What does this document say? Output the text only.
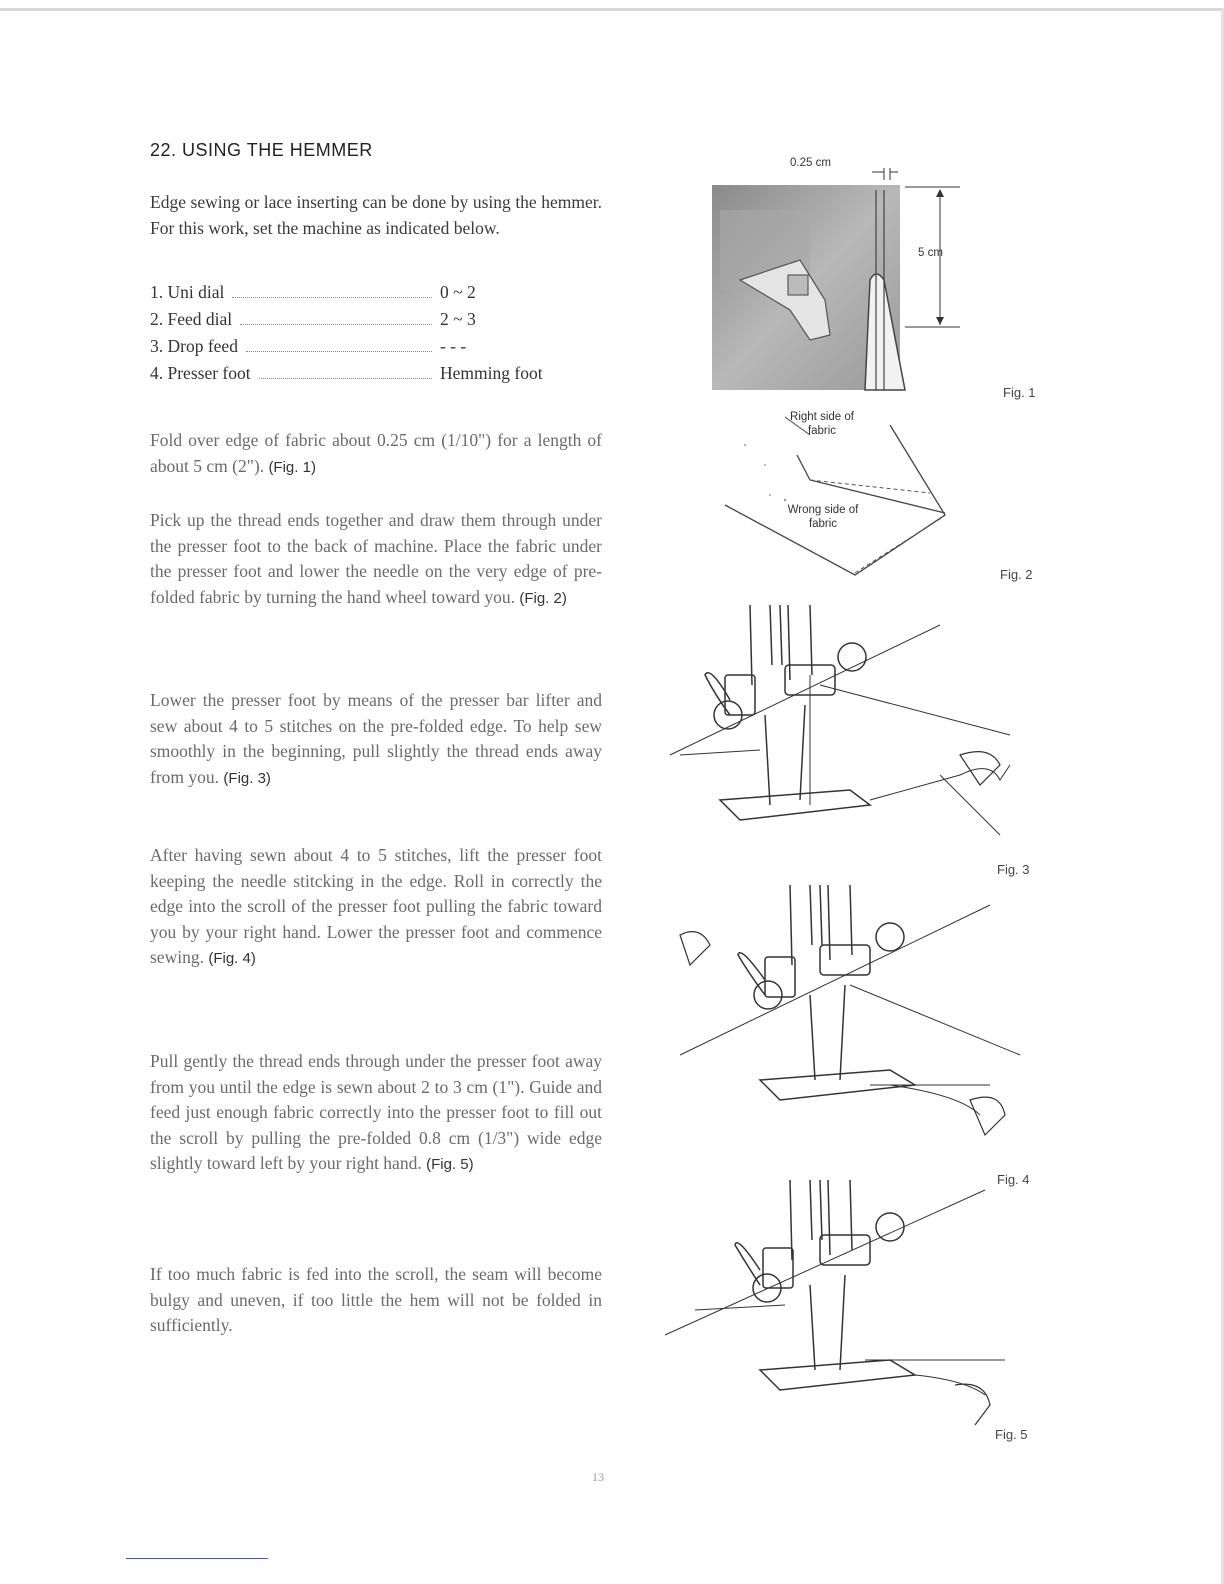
22. USING THE HEMMER

Edge sewing or lace inserting can be done by using the hemmer. For this work, set the machine as indicated below.

1. Uni dial	0 ~ 2
2. Feed dial	2 ~ 3
3. Drop feed	- - -
4. Presser foot	Hemming foot

Fold over edge of fabric about 0.25 cm (1/10") for a length of about 5 cm (2"). (Fig. 1)

Pick up the thread ends together and draw them through under the presser foot to the back of machine. Place the fabric under the presser foot and lower the needle on the very edge of pre-folded fabric by turning the hand wheel toward you. (Fig. 2)

Lower the presser foot by means of the presser bar lifter and sew about 4 to 5 stitches on the pre-folded edge. To help sew smoothly in the beginning, pull slightly the thread ends away from you. (Fig. 3)

After having sewn about 4 to 5 stitches, lift the presser foot keeping the needle stitcking in the edge. Roll in correctly the edge into the scroll of the presser foot pulling the fabric toward you by your right hand. Lower the presser foot and commence sewing. (Fig. 4)

Pull gently the thread ends through under the presser foot away from you until the edge is sewn about 2 to 3 cm (1"). Guide and feed just enough fabric correctly into the presser foot to fill out the scroll by pulling the pre-folded 0.8 cm (1/3") wide edge slightly toward left by your right hand. (Fig. 5)

If too much fabric is fed into the scroll, the seam will become bulgy and uneven, if too little the hem will not be folded in sufficiently.

0.25 cm
5 cm
Fig. 1
Right side of fabric
Wrong side of fabric
Fig. 2
Fig. 3
Fig. 4
Fig. 5
13
